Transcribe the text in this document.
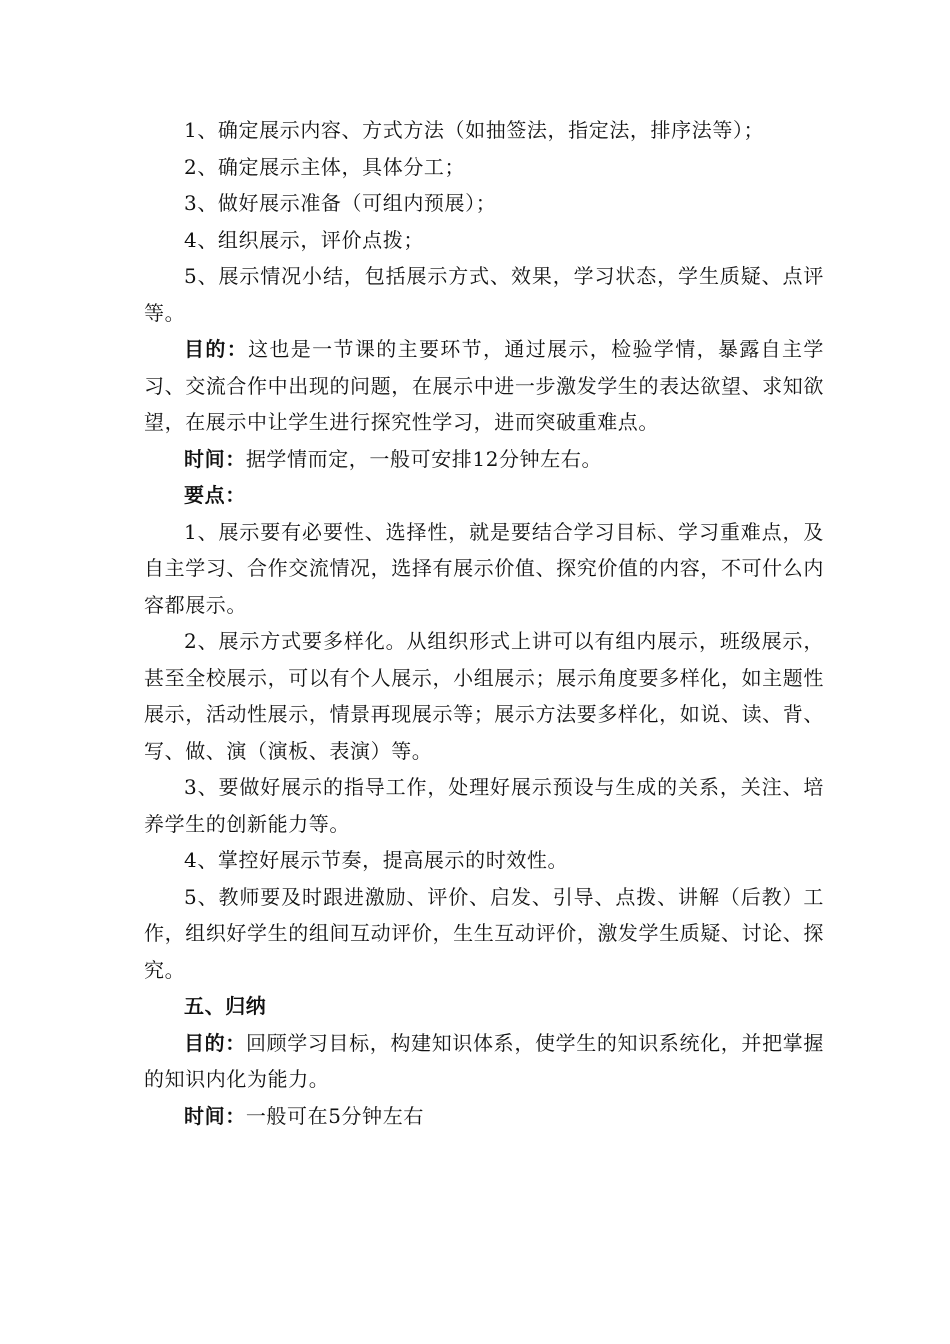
1、确定展示内容、方式方法（如抽签法，指定法，排序法等）；

2、确定展示主体，具体分工；

3、做好展示准备（可组内预展）；

4、组织展示，评价点拨；

5、展示情况小结，包括展示方式、效果，学习状态，学生质疑、点评等。

目的：这也是一节课的主要环节，通过展示，检验学情，暴露自主学习、交流合作中出现的问题，在展示中进一步激发学生的表达欲望、求知欲望，在展示中让学生进行探究性学习，进而突破重难点。

时间：据学情而定，一般可安排12分钟左右。

要点：

1、展示要有必要性、选择性，就是要结合学习目标、学习重难点，及自主学习、合作交流情况，选择有展示价值、探究价值的内容，不可什么内容都展示。

2、展示方式要多样化。从组织形式上讲可以有组内展示，班级展示，甚至全校展示，可以有个人展示，小组展示；展示角度要多样化，如主题性展示，活动性展示，情景再现展示等；展示方法要多样化，如说、读、背、写、做、演（演板、表演）等。

3、要做好展示的指导工作，处理好展示预设与生成的关系，关注、培养学生的创新能力等。

4、掌控好展示节奏，提高展示的时效性。

5、教师要及时跟进激励、评价、启发、引导、点拨、讲解（后教）工作，组织好学生的组间互动评价，生生互动评价，激发学生质疑、讨论、探究。

五、归纳

目的：回顾学习目标，构建知识体系，使学生的知识系统化，并把掌握的知识内化为能力。

时间：一般可在5分钟左右
